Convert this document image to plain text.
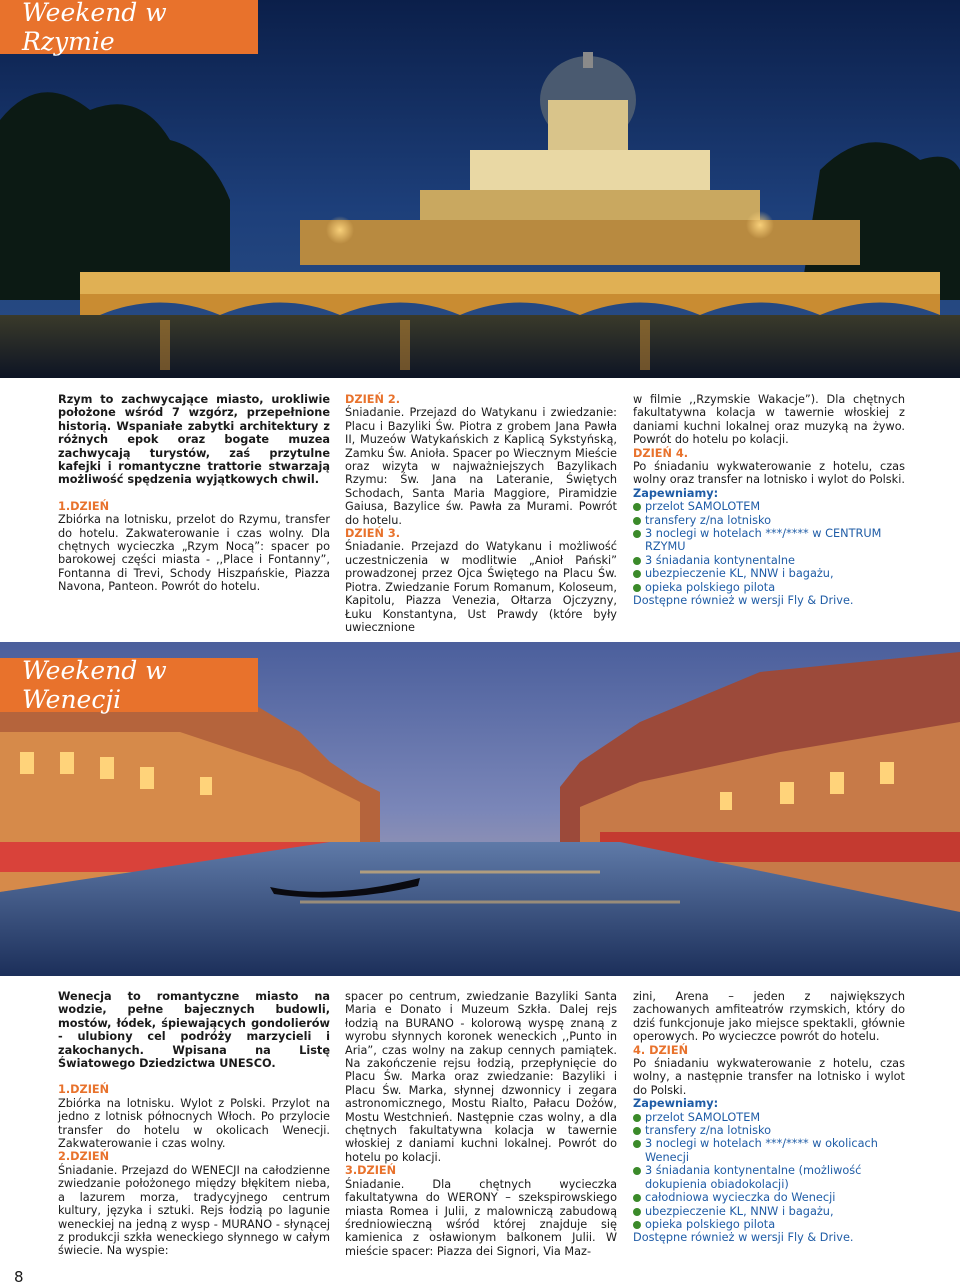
Weekend w Rzymie

Rzym to zachwycające miasto, urokliwie położone wśród 7 wzgórz, przepełnione historią. Wspaniałe zabytki architektury z różnych epok oraz bogate muzea zachwycają turystów, zaś przytulne kafejki i romantyczne trattorie stwarzają możliwość spędzenia wyjątkowych chwil.

1.DZIEŃ
Zbiórka na lotnisku, przelot do Rzymu, transfer do hotelu. Zakwaterowanie i czas wolny. Dla chętnych wycieczka „Rzym Nocą”: spacer po barokowej części miasta - ,,Place i Fontanny”, Fontanna di Trevi, Schody Hiszpańskie, Piazza Navona, Panteon. Powrót do hotelu.

DZIEŃ 2.

Śniadanie. Przejazd do Watykanu i zwiedzanie: Placu i Bazyliki Św. Piotra z grobem Jana Pawła II, Muzeów Watykańskich z Kaplicą Sykstyńską, Zamku Św. Anioła. Spacer po Wiecznym Mieście oraz wizyta w najważniejszych Bazylikach Rzymu: Św. Jana na Lateranie, Świętych Schodach, Santa Maria Maggiore, Piramidzie Gaiusa, Bazylice św. Pawła za Murami. Powrót do hotelu.

DZIEŃ 3.

Śniadanie. Przejazd do Watykanu i możliwość uczestniczenia w modlitwie „Anioł Pański” prowadzonej przez Ojca Świętego na Placu Św. Piotra. Zwiedzanie Forum Romanum, Koloseum, Kapitolu, Piazza Venezia, Ołtarza Ojczyzny, Łuku Konstantyna, Ust Prawdy (które były uwiecznione

w filmie ,,Rzymskie Wakacje”). Dla chętnych fakultatywna kolacja w tawernie włoskiej z daniami kuchni lokalnej oraz muzyką na żywo. Powrót do hotelu po kolacji.

DZIEŃ 4.

Po śniadaniu wykwaterowanie z hotelu, czas wolny oraz transfer na lotnisko i wylot do Polski.

Zapewniamy:
przelot SAMOLOTEM
transfery z/na lotnisko
3 noclegi w hotelach ***/**** w CENTRUM RZYMU
3 śniadania kontynentalne
ubezpieczenie KL, NNW i bagażu,
opieka polskiego pilota

Dostępne również w wersji Fly & Drive.

Weekend w Wenecji

Wenecja to romantyczne miasto na wodzie, pełne bajecznych budowli, mostów, łódek, śpiewających gondolierów - ulubiony cel podróży marzycieli i zakochanych. Wpisana na Listę Światowego Dziedzictwa UNESCO.

1.DZIEŃ
Zbiórka na lotnisku. Wylot z Polski. Przylot na jedno z lotnisk północnych Włoch. Po przylocie transfer do hotelu w okolicach Wenecji. Zakwaterowanie i czas wolny.

2.DZIEŃ

Śniadanie. Przejazd do WENECJI na całodzienne zwiedzanie położonego między błękitem nieba, a lazurem morza, tradycyjnego centrum kultury, języka i sztuki. Rejs łodzią po lagunie weneckiej na jedną z wysp - MURANO - słynącej z produkcji szkła weneckiego słynnego w całym świecie. Na wyspie:

spacer po centrum, zwiedzanie Bazyliki Santa Maria e Donato i Muzeum Szkła. Dalej rejs łodzią na BURANO - kolorową wyspę znaną z wyrobu słynnych koronek weneckich ,,Punto in Aria”, czas wolny na zakup cennych pamiątek. Na zakończenie rejsu łodzią, przepłynięcie do Placu Św. Marka oraz zwiedzanie: Bazyliki i Placu Św. Marka, słynnej dzwonnicy i zegara astronomicznego, Mostu Rialto, Pałacu Dożów, Mostu Westchnień. Następnie czas wolny, a dla chętnych fakultatywna kolacja w tawernie włoskiej z daniami kuchni lokalnej. Powrót do hotelu po kolacji.

3.DZIEŃ

Śniadanie. Dla chętnych wycieczka fakultatywna do WERONY – szekspirowskiego miasta Romea i Julii, z malowniczą zabudową średniowieczną wśród której znajduje się kamienica z osławionym balkonem Julii. W mieście spacer: Piazza dei Signori, Via Maz-

zini, Arena – jeden z największych zachowanych amfiteatrów rzymskich, który do dziś funkcjonuje jako miejsce spektakli, głównie operowych. Po wycieczce powrót do hotelu.

4. DZIEŃ

Po śniadaniu wykwaterowanie z hotelu, czas wolny, a następnie transfer na lotnisko i wylot do Polski.

Zapewniamy:
przelot SAMOLOTEM
transfery z/na lotnisko
3 noclegi w hotelach ***/**** w okolicach Wenecji
3 śniadania kontynentalne (możliwość dokupienia obiadokolacji)
całodniowa wycieczka do Wenecji
ubezpieczenie KL, NNW i bagażu,
opieka polskiego pilota

Dostępne również w wersji Fly & Drive.

8
